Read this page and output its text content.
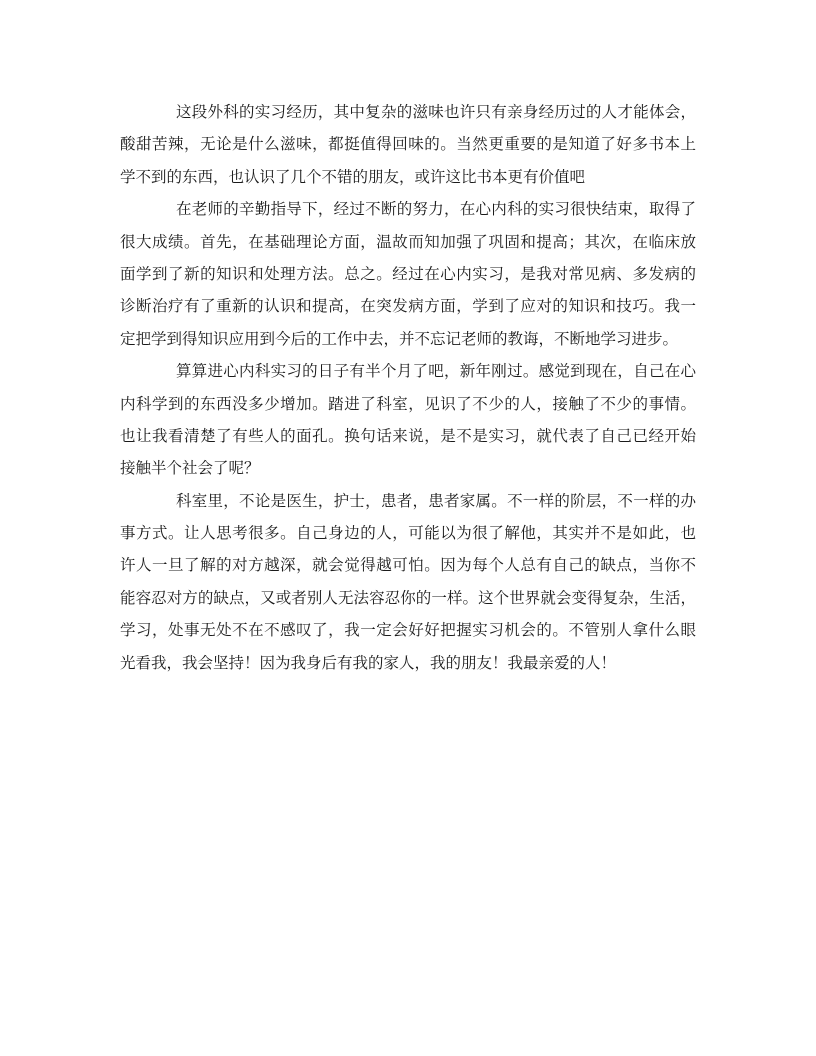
这段外科的实习经历，其中复杂的滋味也许只有亲身经历过的人才能体会，
酸甜苦辣，无论是什么滋味，都挺值得回味的。当然更重要的是知道了好多书本上
学不到的东西，也认识了几个不错的朋友，或许这比书本更有价值吧
在老师的辛勤指导下，经过不断的努力，在心内科的实习很快结束，取得了
很大成绩。首先，在基础理论方面，温故而知加强了巩固和提高；其次，在临床放
面学到了新的知识和处理方法。总之。经过在心内实习，是我对常见病、多发病的
诊断治疗有了重新的认识和提高，在突发病方面，学到了应对的知识和技巧。我一
定把学到得知识应用到今后的工作中去，并不忘记老师的教诲，不断地学习进步。
算算进心内科实习的日子有半个月了吧，新年刚过。感觉到现在，自己在心
内科学到的东西没多少增加。踏进了科室，见识了不少的人，接触了不少的事情。
也让我看清楚了有些人的面孔。换句话来说，是不是实习，就代表了自己已经开始
接触半个社会了呢？
科室里，不论是医生，护士，患者，患者家属。不一样的阶层，不一样的办
事方式。让人思考很多。自己身边的人，可能以为很了解他，其实并不是如此，也
许人一旦了解的对方越深，就会觉得越可怕。因为每个人总有自己的缺点，当你不
能容忍对方的缺点，又或者别人无法容忍你的一样。这个世界就会变得复杂，生活，
学习，处事无处不在不感叹了，我一定会好好把握实习机会的。不管别人拿什么眼
光看我，我会坚持！因为我身后有我的家人，我的朋友！我最亲爱的人！
